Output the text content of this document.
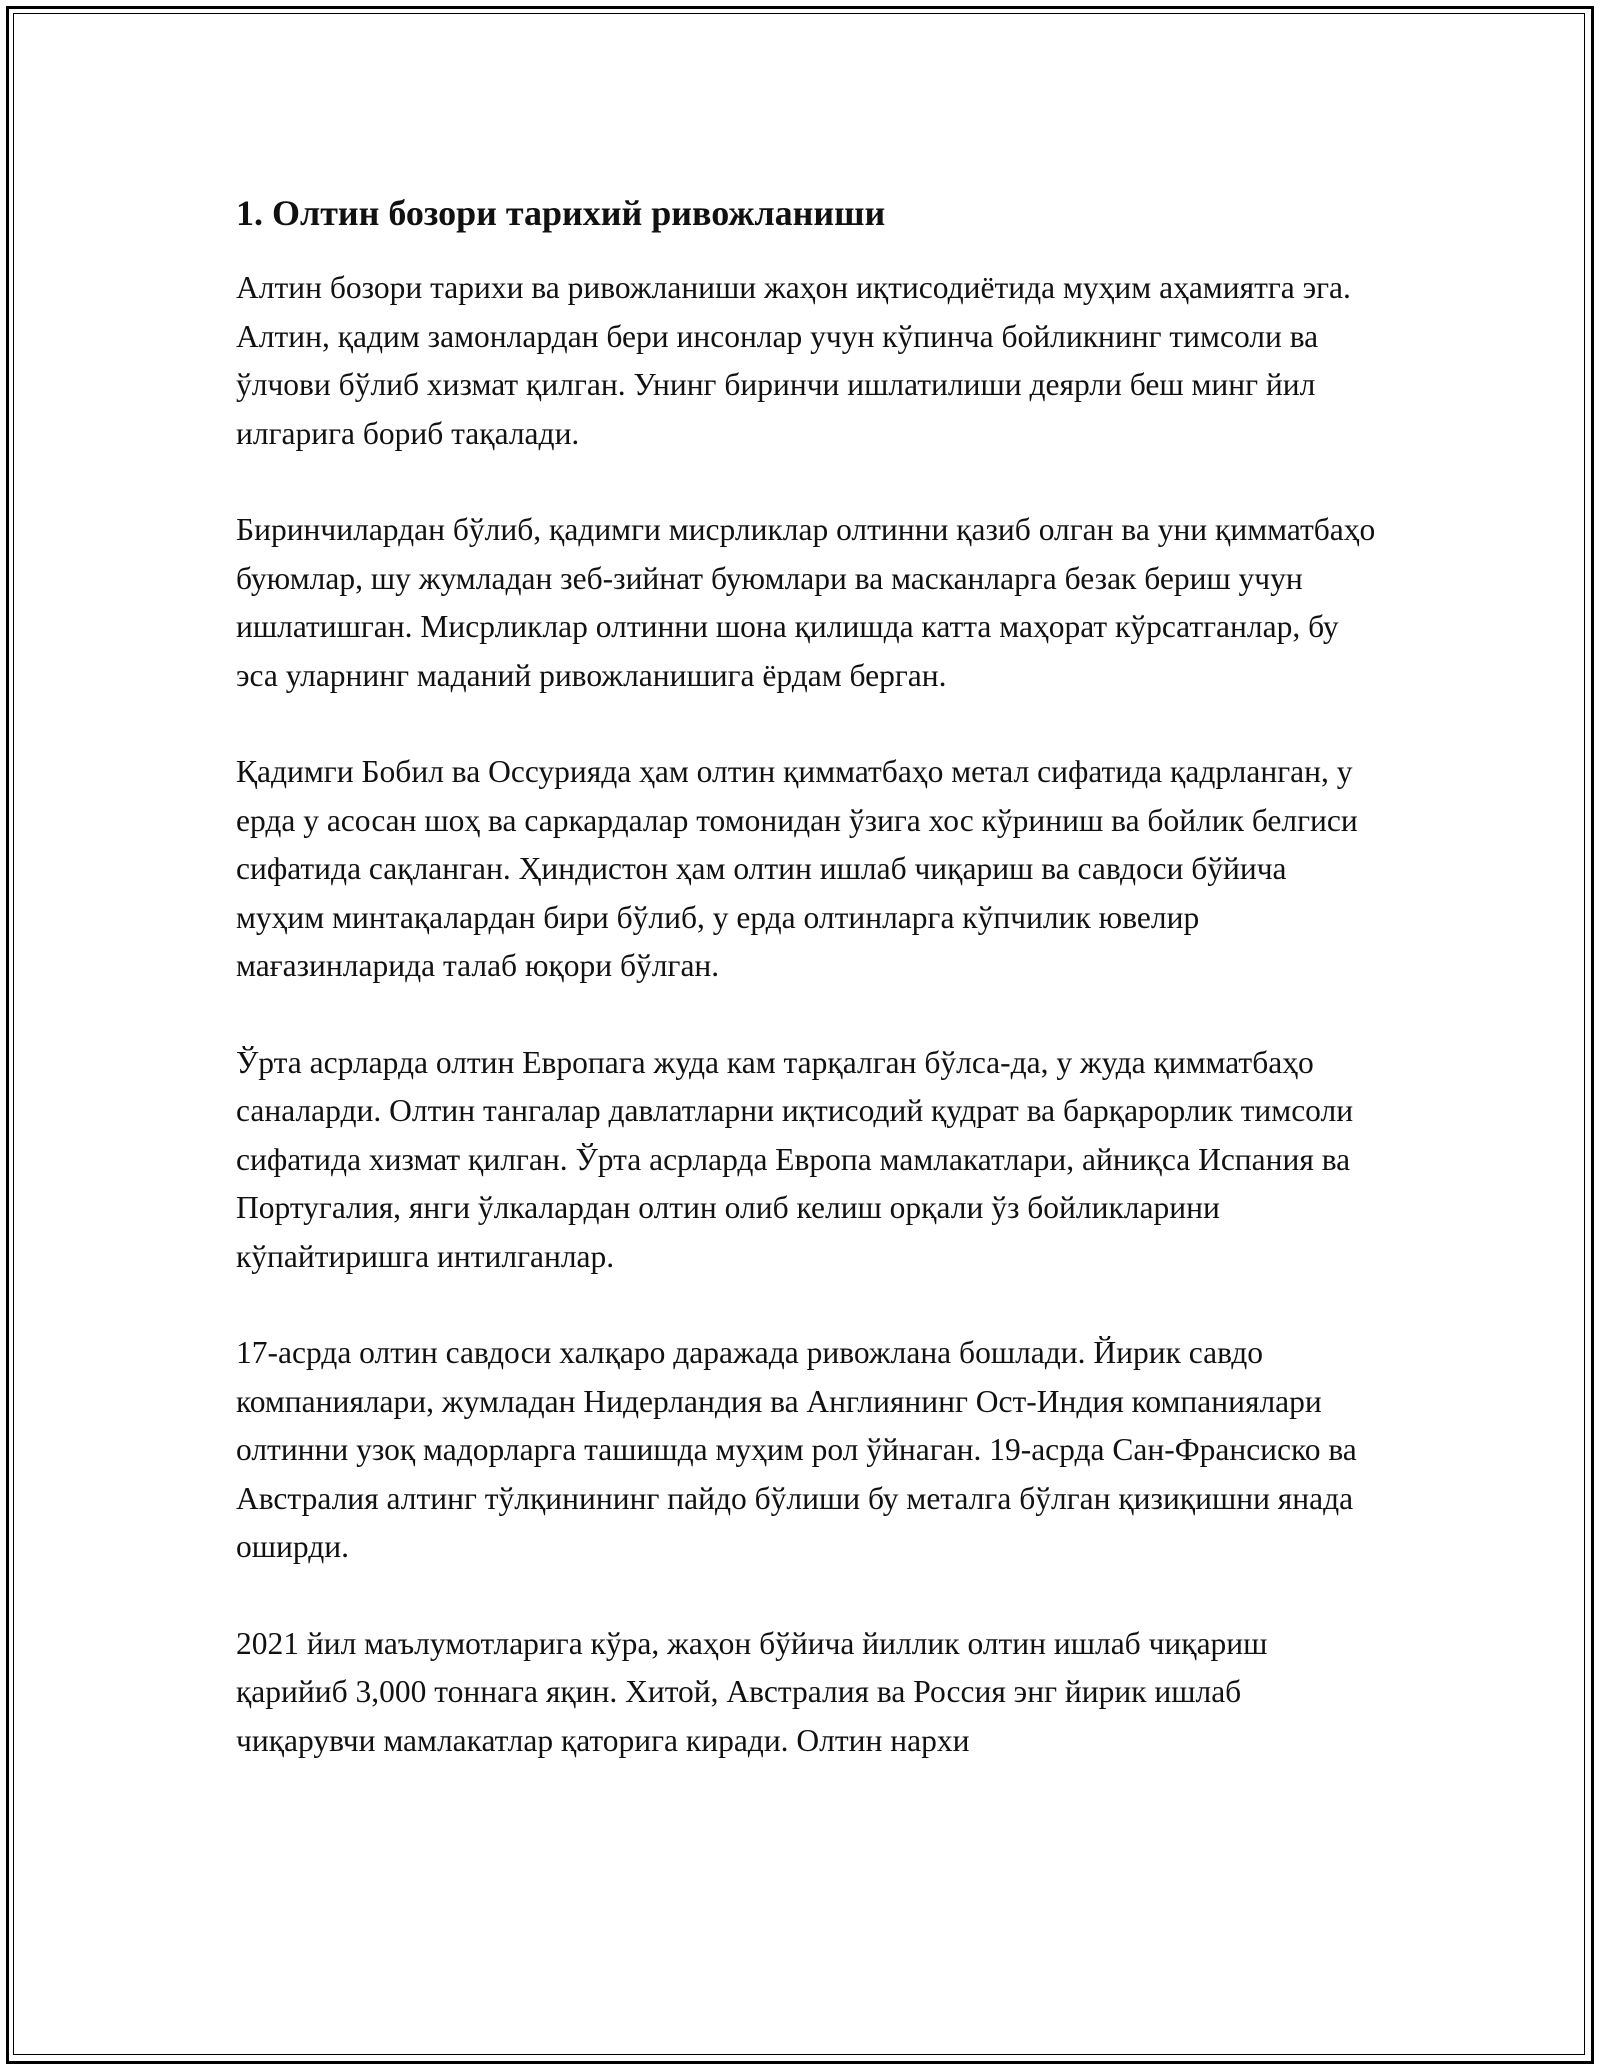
1. Олтин бозори тарихий ривожланиши

Алтин бозори тарихи ва ривожланиши жаҳон иқтисодиётида муҳим аҳамиятга эга. Алтин, қадим замонлардан бери инсонлар учун кўпинча бойликнинг тимсоли ва ўлчови бўлиб хизмат қилган. Унинг биринчи ишлатилиши деярли беш минг йил илгарига бориб тақалади.

Биринчилардан бўлиб, қадимги мисрликлар олтинни қазиб олган ва уни қимматбаҳо буюмлар, шу жумладан зеб-зийнат буюмлари ва масканларга безак бериш учун ишлатишган. Мисрликлар олтинни шона қилишда катта маҳорат кўрсатганлар, бу эса уларнинг маданий ривожланишига ёрдам берган.

Қадимги Бобил ва Оссурияда ҳам олтин қимматбаҳо метал сифатида қадрланган, у ерда у асосан шоҳ ва саркардалар томонидан ўзига хос кўриниш ва бойлик белгиси сифатида сақланган. Ҳиндистон ҳам олтин ишлаб чиқариш ва савдоси бўйича муҳим минтақалардан бири бўлиб, у ерда олтинларга кўпчилик ювелир мағазинларида талаб юқори бўлган.

Ўрта асрларда олтин Европага жуда кам тарқалган бўлса-да, у жуда қимматбаҳо саналарди. Олтин тангалар давлатларни иқтисодий қудрат ва барқарорлик тимсоли сифатида хизмат қилган. Ўрта асрларда Европа мамлакатлари, айниқса Испания ва Португалия, янги ўлкалардан олтин олиб келиш орқали ўз бойликларини кўпайтиришга интилганлар.

17-асрда олтин савдоси халқаро даражада ривожлана бошлади. Йирик савдо компаниялари, жумладан Нидерландия ва Англиянинг Ост-Индия компаниялари олтинни узоқ мадорларга ташишда муҳим рол ўйнаган. 19-асрда Сан-Франсиско ва Австралия алтинг тўлқинининг пайдо бўлиши бу металга бўлган қизиқишни янада оширди.

2021 йил маълумотларига кўра, жаҳон бўйича йиллик олтин ишлаб чиқариш қарийиб 3,000 тоннага яқин. Хитой, Австралия ва Россия энг йирик ишлаб чиқарувчи мамлакатлар қаторига киради. Олтин нархи
